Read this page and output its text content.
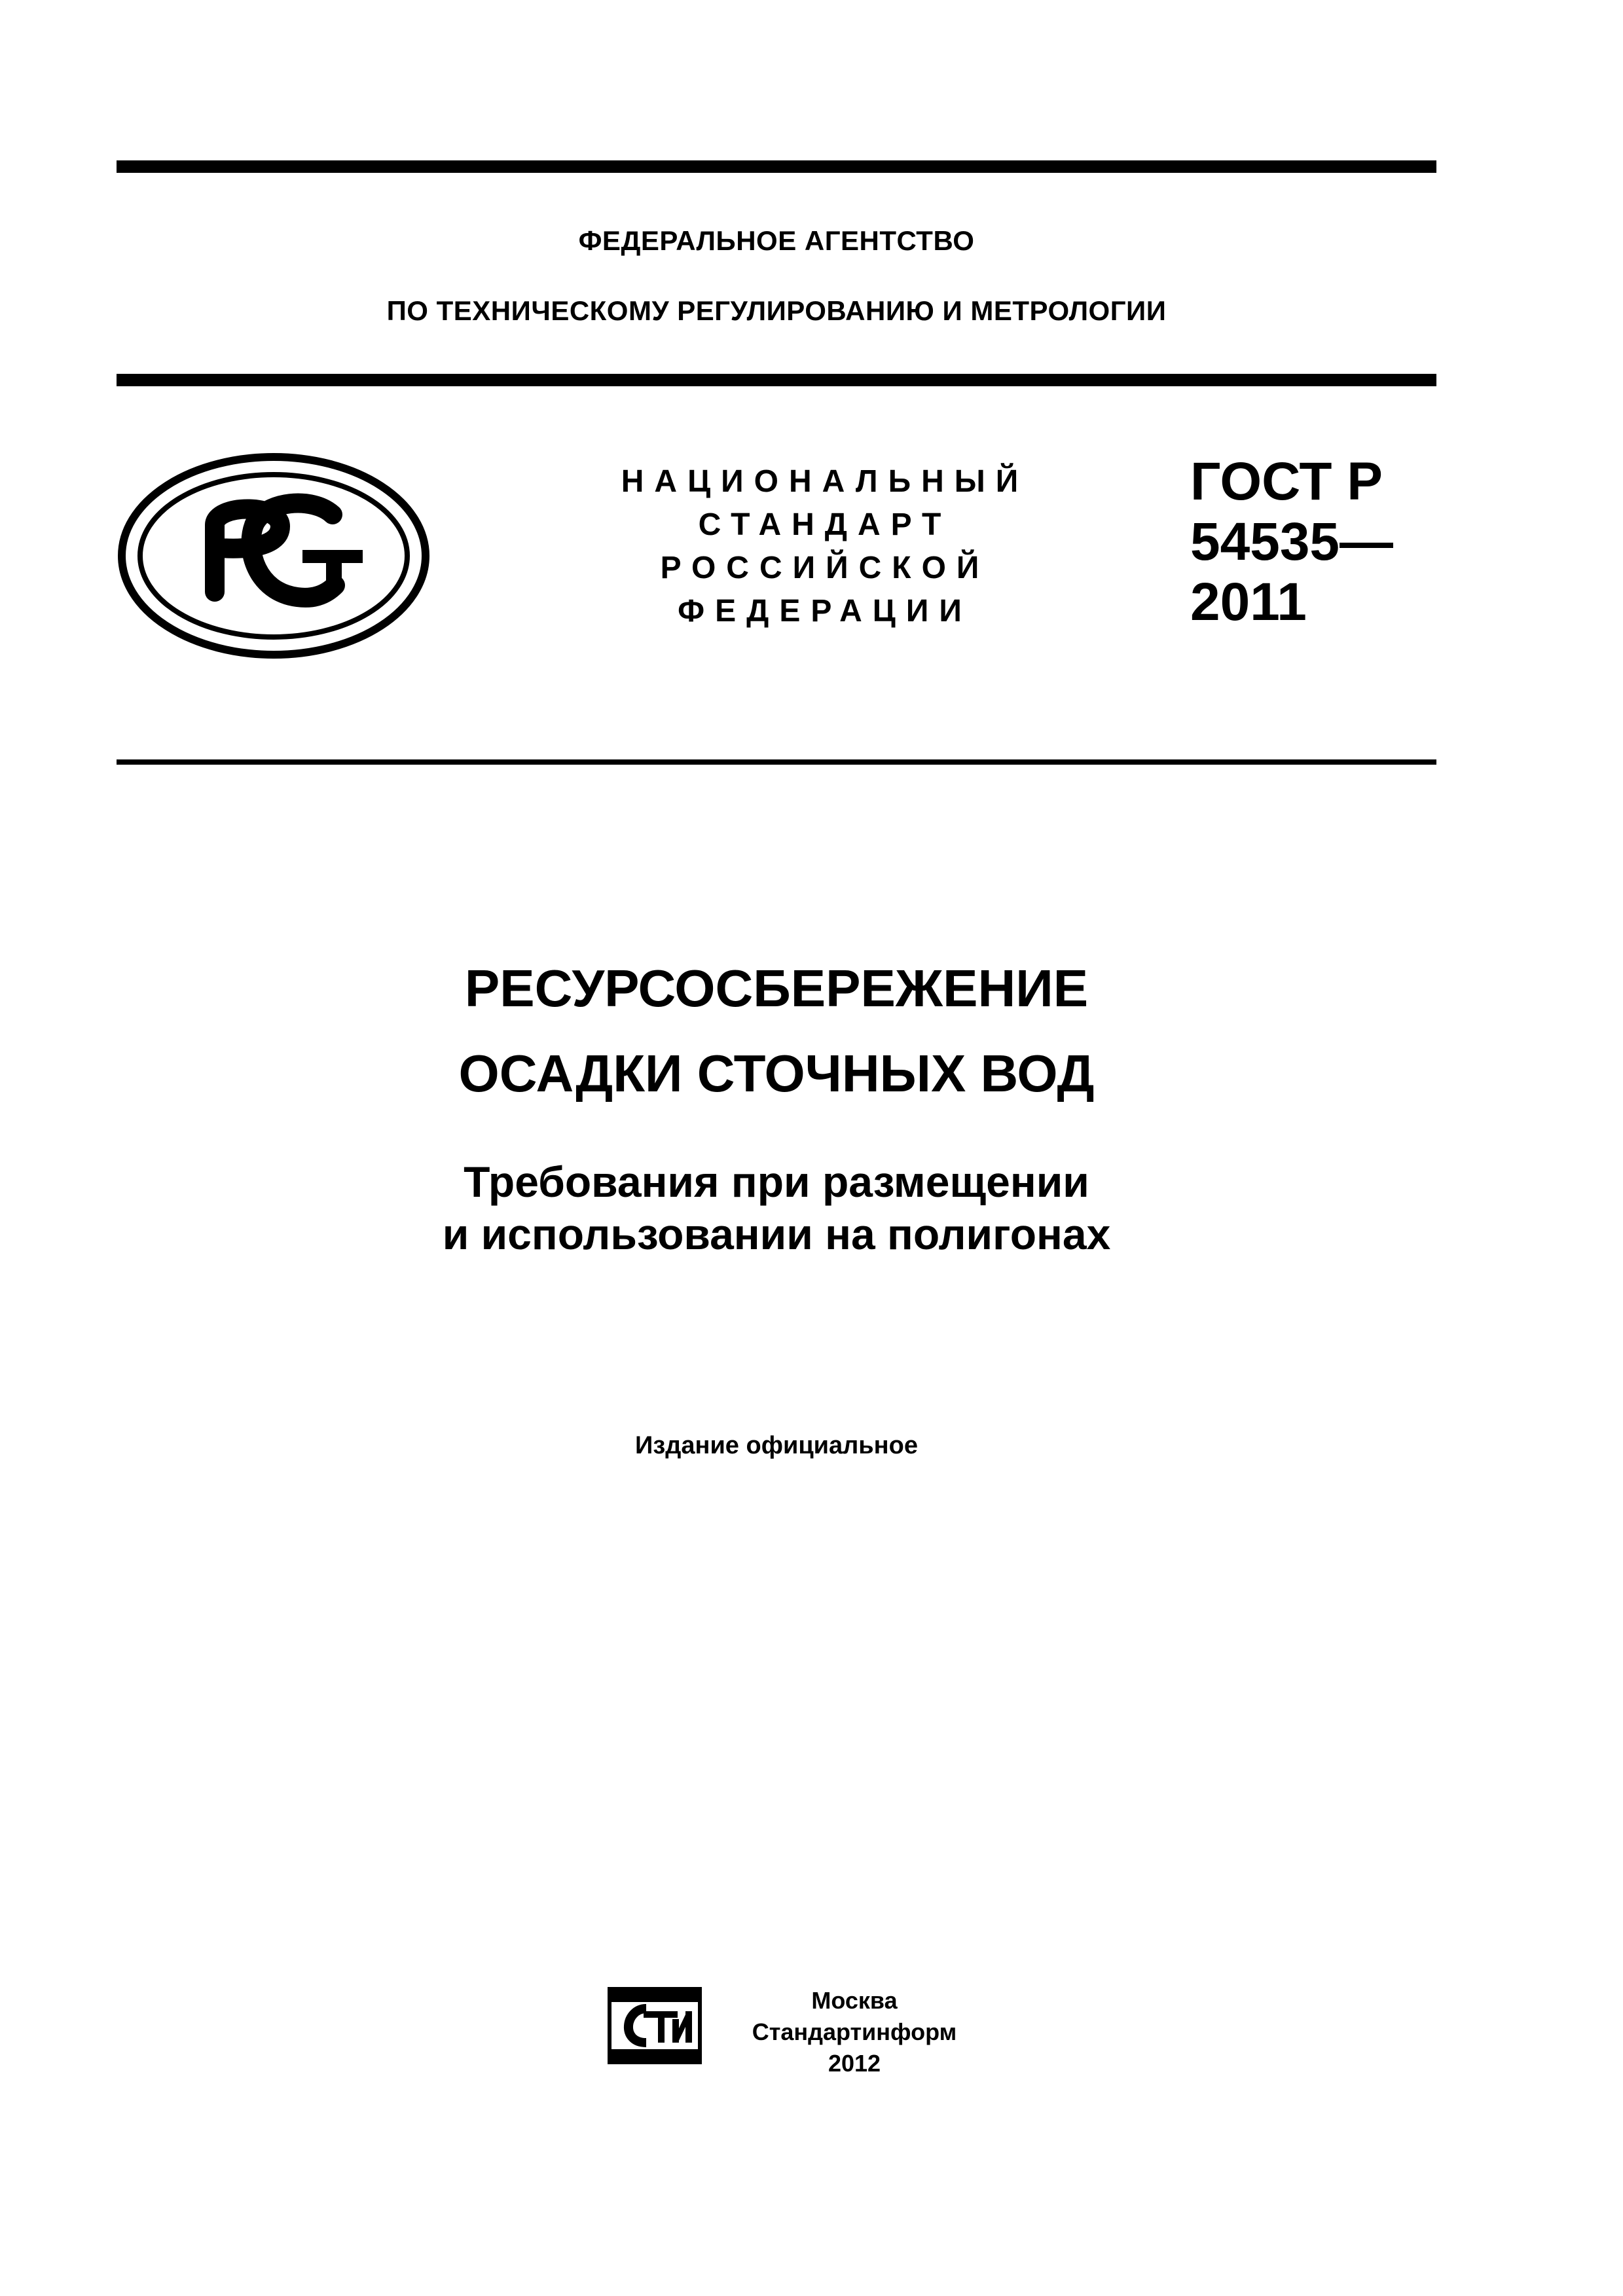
ФЕДЕРАЛЬНОЕ АГЕНТСТВО
ПО ТЕХНИЧЕСКОМУ РЕГУЛИРОВАНИЮ И МЕТРОЛОГИИ
НАЦИОНАЛЬНЫЙ
СТАНДАРТ
РОССИЙСКОЙ
ФЕДЕРАЦИИ
ГОСТ Р
54535—
2011
РЕСУРСОСБЕРЕЖЕНИЕ
ОСАДКИ СТОЧНЫХ ВОД
Требования при размещении
и использовании на полигонах
Издание официальное
Москва
Стандартинформ
2012
